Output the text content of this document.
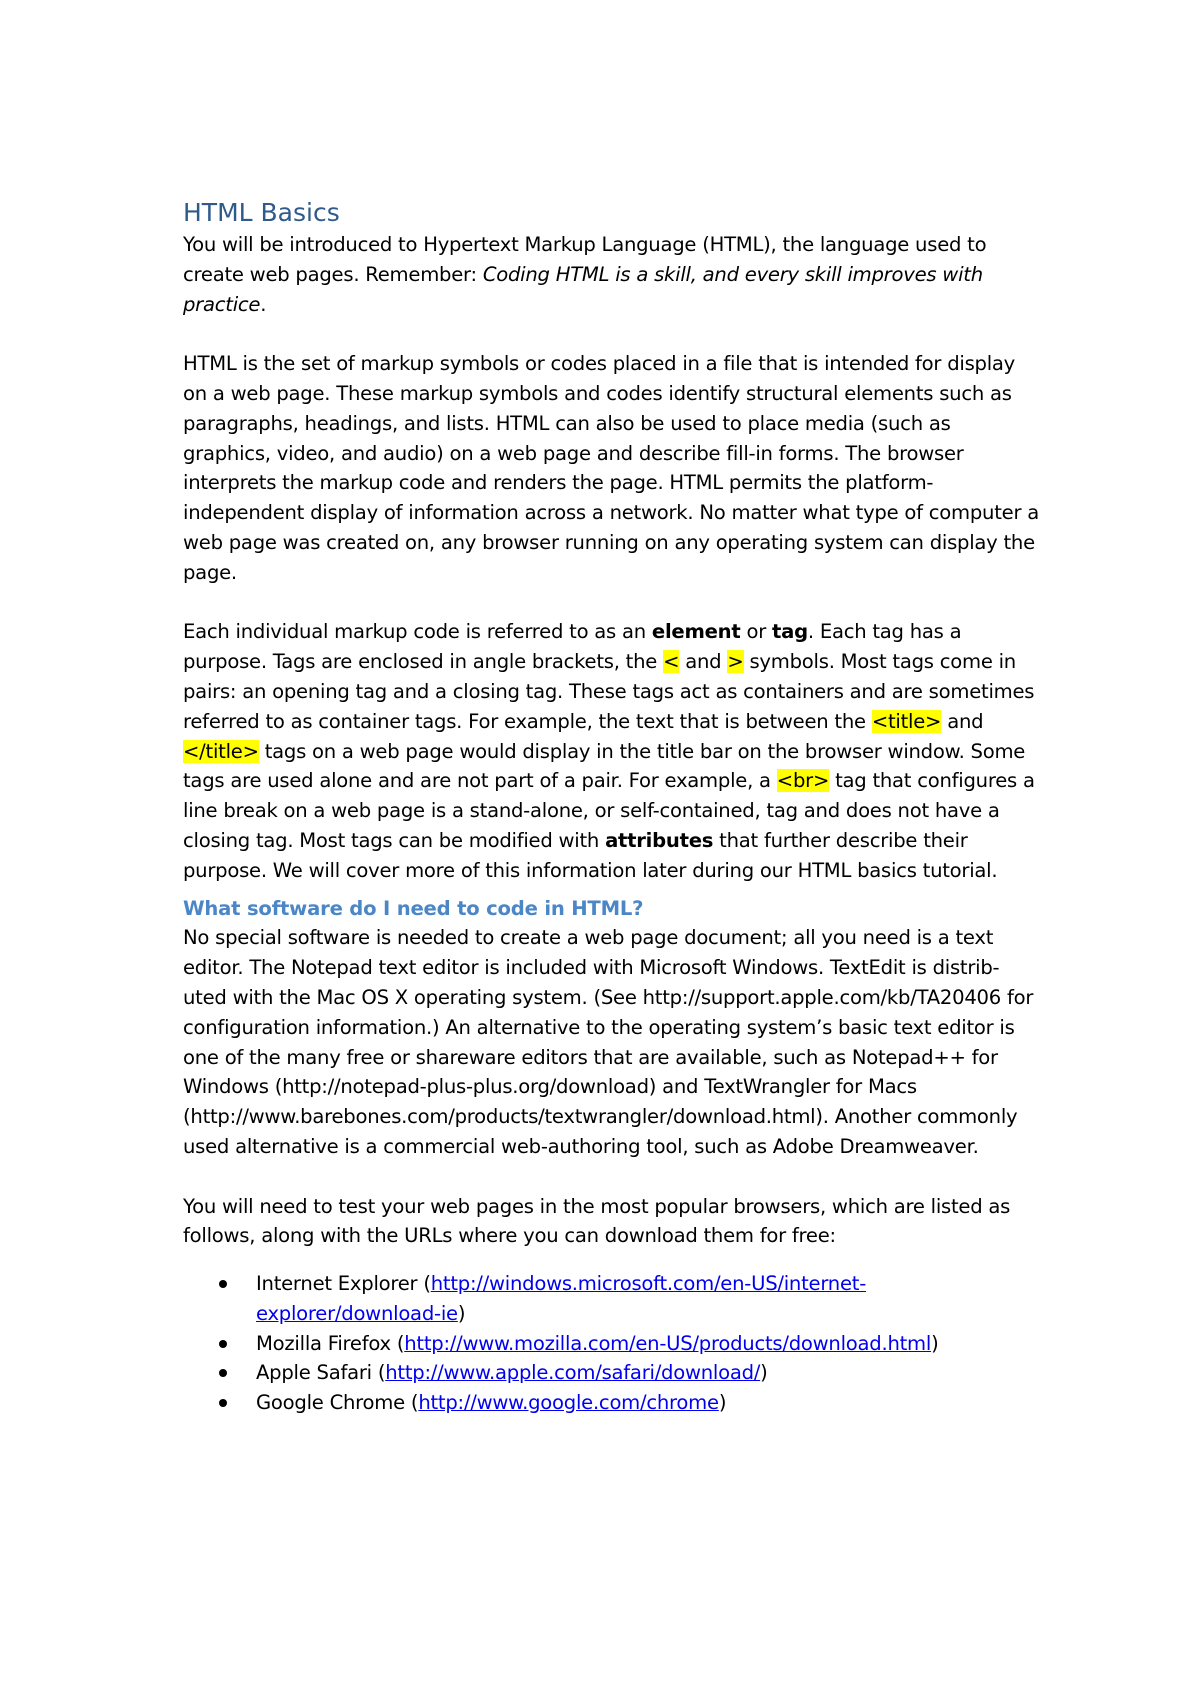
HTML Basics

You will be introduced to Hypertext Markup Language (HTML), the language used to create web pages. Remember: Coding HTML is a skill, and every skill improves with practice.

HTML is the set of markup symbols or codes placed in a file that is intended for display on a web page. These markup symbols and codes identify structural elements such as paragraphs, headings, and lists. HTML can also be used to place media (such as graphics, video, and audio) on a web page and describe fill-in forms. The browser interprets the markup code and renders the page. HTML permits the platform-independent display of information across a network. No matter what type of computer a web page was created on, any browser running on any operating system can display the page.

Each individual markup code is referred to as an element or tag. Each tag has a purpose. Tags are enclosed in angle brackets, the < and > symbols. Most tags come in pairs: an opening tag and a closing tag. These tags act as containers and are sometimes referred to as container tags. For example, the text that is between the <title> and </title> tags on a web page would display in the title bar on the browser window. Some tags are used alone and are not part of a pair. For example, a <br> tag that configures a line break on a web page is a stand-alone, or self-contained, tag and does not have a closing tag. Most tags can be modified with attributes that further describe their purpose. We will cover more of this information later during our HTML basics tutorial.

What software do I need to code in HTML?

No special software is needed to create a web page document; all you need is a text editor. The Notepad text editor is included with Microsoft Windows. TextEdit is distrib- uted with the Mac OS X operating system. (See http://support.apple.com/kb/TA20406 for configuration information.) An alternative to the operating system’s basic text editor is one of the many free or shareware editors that are available, such as Notepad++ for Windows (http://notepad-plus-plus.org/download) and TextWrangler for Macs (http://www.barebones.com/products/textwrangler/download.html). Another commonly used alternative is a commercial web-authoring tool, such as Adobe Dreamweaver.

You will need to test your web pages in the most popular browsers, which are listed as follows, along with the URLs where you can download them for free:

Internet Explorer (http://windows.microsoft.com/en-US/internet-explorer/download-ie)
Mozilla Firefox (http://www.mozilla.com/en-US/products/download.html)
Apple Safari (http://www.apple.com/safari/download/)
Google Chrome (http://www.google.com/chrome)
